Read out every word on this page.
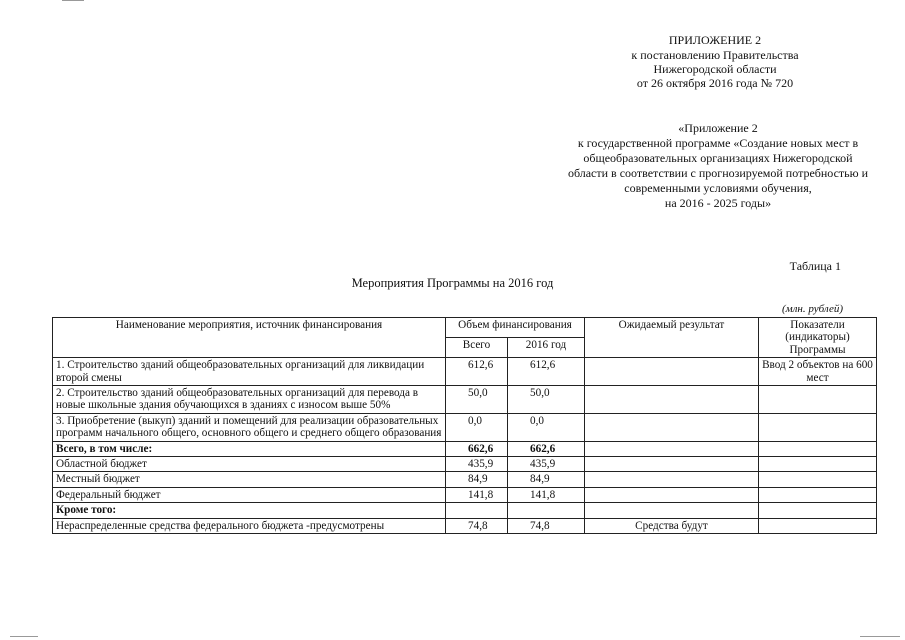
ПРИЛОЖЕНИЕ 2
к постановлению Правительства
Нижегородской области
от 26 октября 2016 года № 720
«Приложение 2
к государственной программе «Создание новых мест в
общеобразовательных организациях Нижегородской
области в соответствии с прогнозируемой потребностью и
современными условиями обучения,
на 2016 - 2025 годы»
Таблица 1
Мероприятия Программы на 2016 год
(млн. рублей)
Наименование мероприятия, источник финансирования	Объем финансирования		Ожидаемый результат	Показатели (индикаторы) Программы
	Всего	2016 год		
1. Строительство зданий общеобразовательных организаций для ликвидации второй смены	612,6	612,6		Ввод 2 объектов на 600 мест
2. Строительство зданий общеобразовательных организаций для перевода в новые школьные здания обучающихся в зданиях с износом выше 50%	50,0	50,0		
3. Приобретение (выкуп) зданий и помещений для реализации образовательных программ начального общего, основного общего и среднего общего образования	0,0	0,0		
Всего, в том числе:	662,6	662,6		
Областной бюджет	435,9	435,9		
Местный бюджет	84,9	84,9		
Федеральный бюджет	141,8	141,8		
Кроме того:				
Нераспределенные средства федерального бюджета -предусмотрены	74,8	74,8	Средства будут	
